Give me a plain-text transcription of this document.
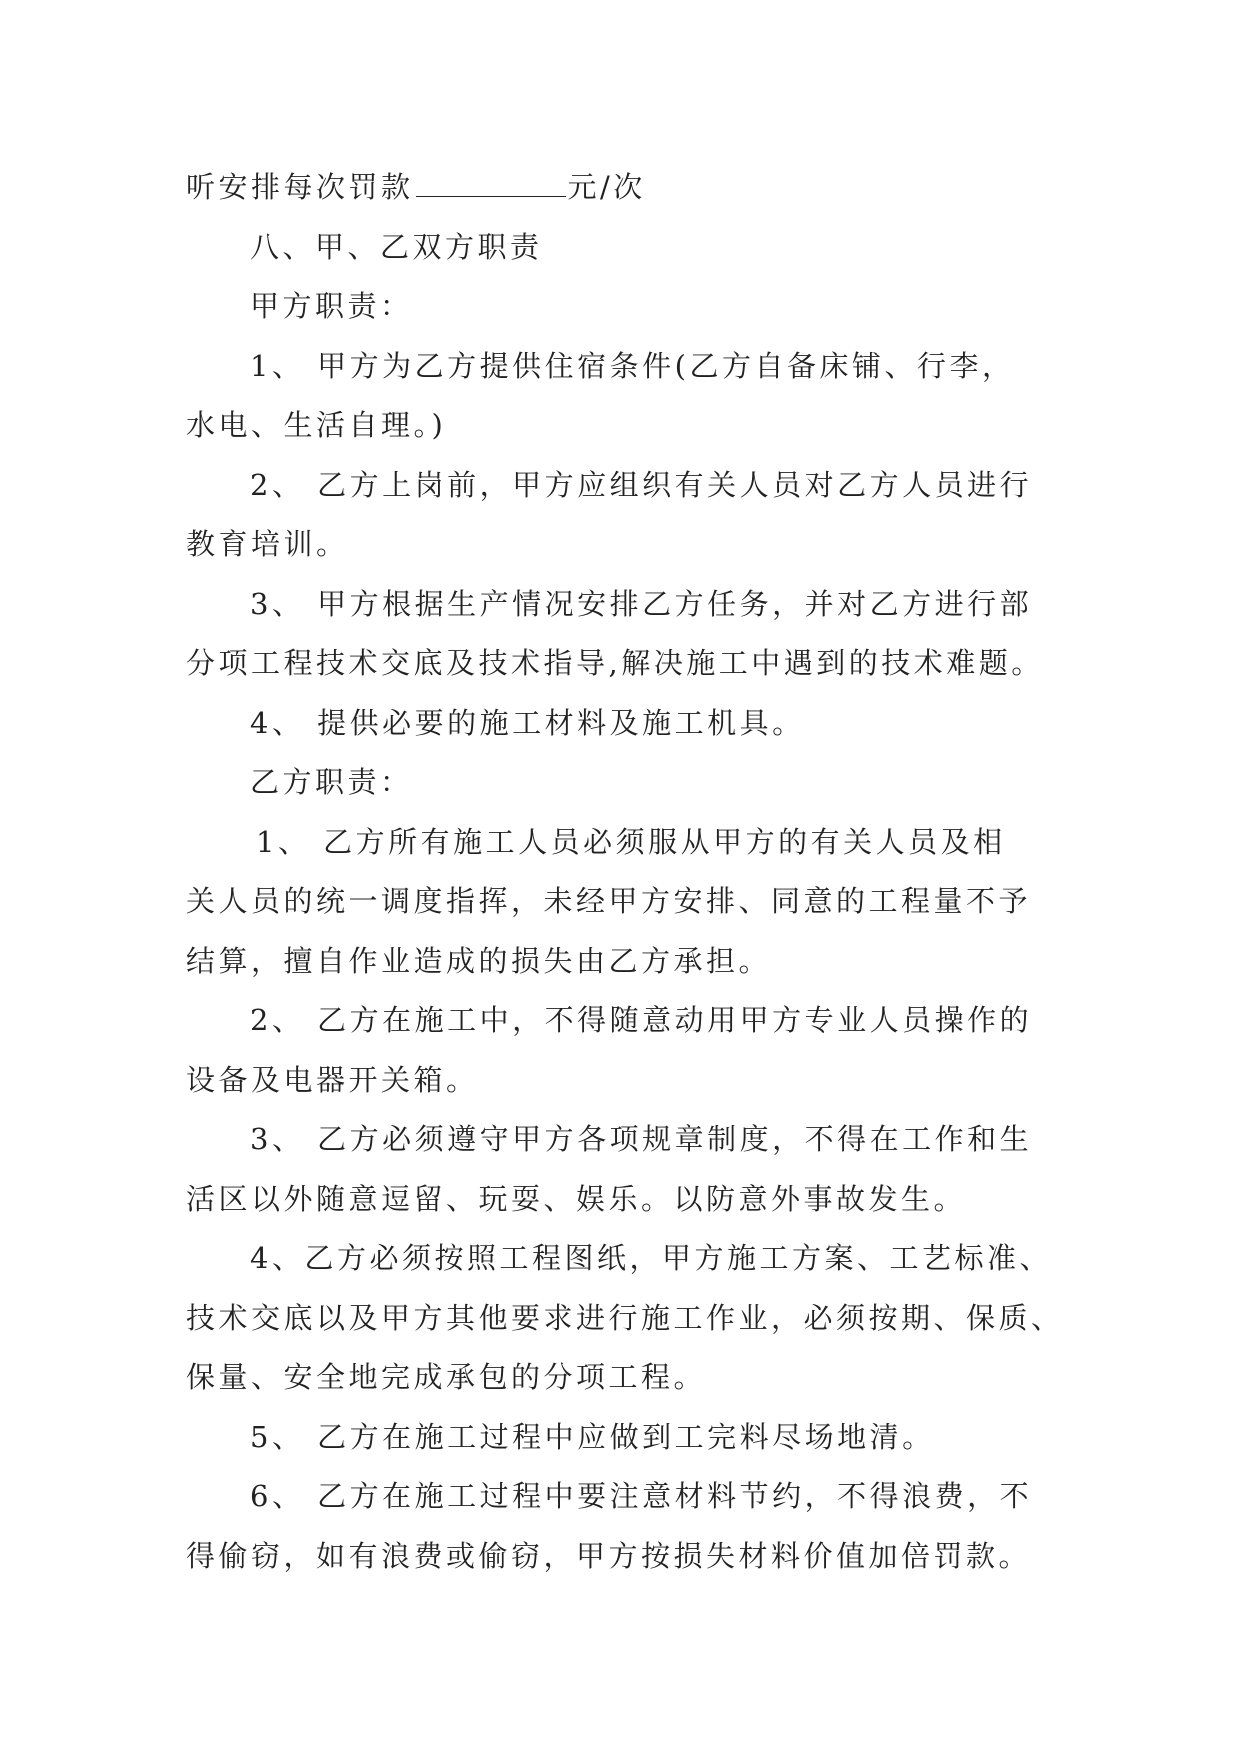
听安排每次罚款	元/次
八、甲、乙双方职责
甲方职责：
1、 甲方为乙方提供住宿条件(乙方自备床铺、行李，
水电、生活自理。)
2、 乙方上岗前，甲方应组织有关人员对乙方人员进行
教育培训。
3、 甲方根据生产情况安排乙方任务，并对乙方进行部
分项工程技术交底及技术指导,解决施工中遇到的技术难题。
4、 提供必要的施工材料及施工机具。
乙方职责：
1、 乙方所有施工人员必须服从甲方的有关人员及相
关人员的统一调度指挥，未经甲方安排、同意的工程量不予
结算，擅自作业造成的损失由乙方承担。
2、 乙方在施工中，不得随意动用甲方专业人员操作的
设备及电器开关箱。
3、 乙方必须遵守甲方各项规章制度，不得在工作和生
活区以外随意逗留、玩耍、娱乐。以防意外事故发生。
4、乙方必须按照工程图纸，甲方施工方案、工艺标准、
技术交底以及甲方其他要求进行施工作业，必须按期、保质、
保量、安全地完成承包的分项工程。
5、 乙方在施工过程中应做到工完料尽场地清。
6、 乙方在施工过程中要注意材料节约，不得浪费，不
得偷窃，如有浪费或偷窃，甲方按损失材料价值加倍罚款。
